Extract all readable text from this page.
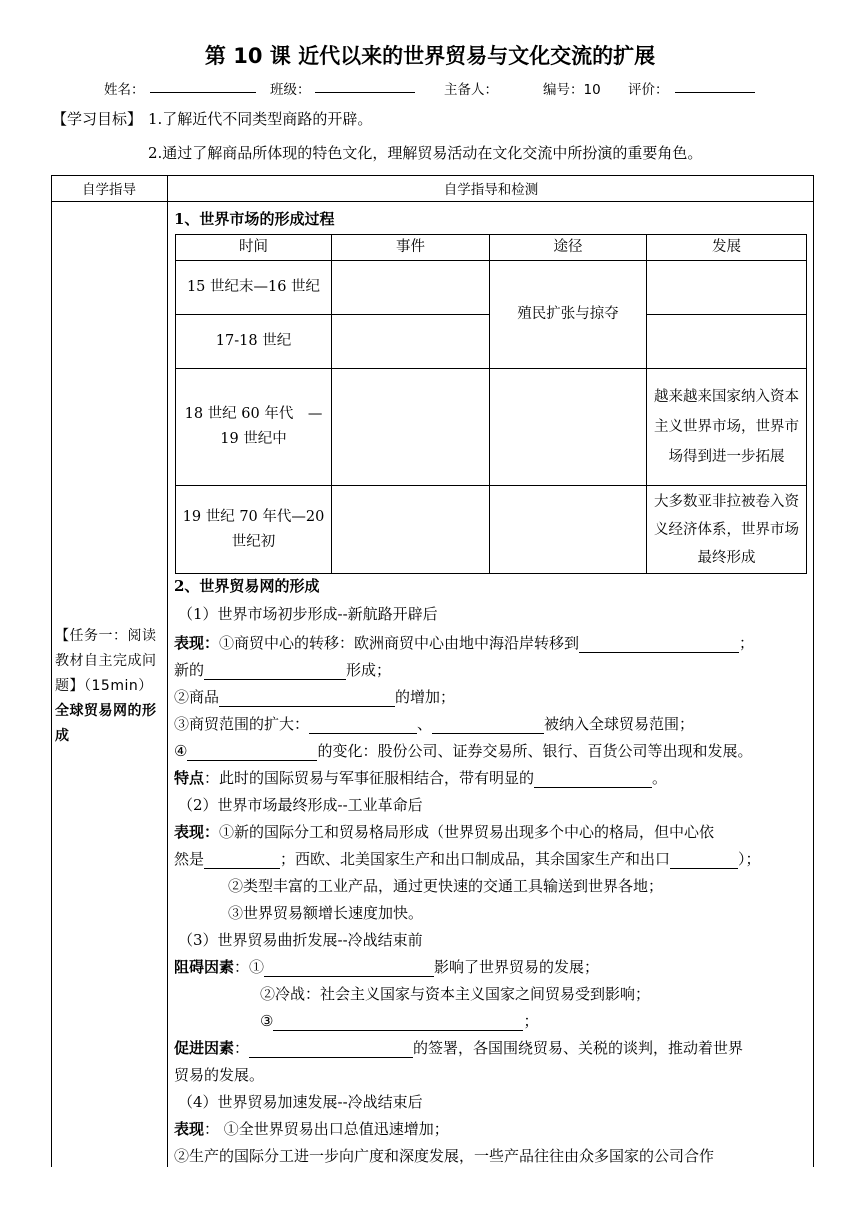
第 10 课 近代以来的世界贸易与文化交流的扩展
姓名：	班级：	主备人：	编号：10 评价：
【学习目标】 1.了解近代不同类型商路的开辟。
2.通过了解商品所体现的特色文化，理解贸易活动在文化交流中所扮演的重要角色。
自学指导	自学指导和检测
【任务一：阅读教材自主完成问题】（15min）
全球贸易网的形成
1、世界市场的形成过程
时间	事件	途径	发展
15 世纪末—16 世纪		殖民扩张与掠夺	
17-18 世纪			
18 世纪 60 年代　—19 世纪中			越来越来国家纳入资本主义世界市场，世界市场得到进一步拓展
19 世纪 70 年代—20 世纪初			大多数亚非拉被卷入资义经济体系，世界市场最终形成
2、世界贸易网的形成
（1）世界市场初步形成--新航路开辟后
表现：①商贸中心的转移：欧洲商贸中心由地中海沿岸转移到	；
新的	形成；
②商品	的增加；
③商贸范围的扩大：	、	被纳入全球贸易范围；
④	的变化：股份公司、证券交易所、银行、百货公司等出现和发展。
特点：此时的国际贸易与军事征服相结合，带有明显的	。
（2）世界市场最终形成--工业革命后
表现：①新的国际分工和贸易格局形成（世界贸易出现多个中心的格局，但中心依
然是	；西欧、北美国家生产和出口制成品，其余国家生产和出口	）；
②类型丰富的工业产品，通过更快速的交通工具输送到世界各地；
③世界贸易额增长速度加快。
（3）世界贸易曲折发展--冷战结束前
阻碍因素：①	影响了世界贸易的发展；
②冷战：社会主义国家与资本主义国家之间贸易受到影响；
③	；
促进因素：	的签署，各国围绕贸易、关税的谈判，推动着世界
贸易的发展。
（4）世界贸易加速发展--冷战结束后
表现： ①全世界贸易出口总值迅速增加；
②生产的国际分工进一步向广度和深度发展，一些产品往往由众多国家的公司合作
